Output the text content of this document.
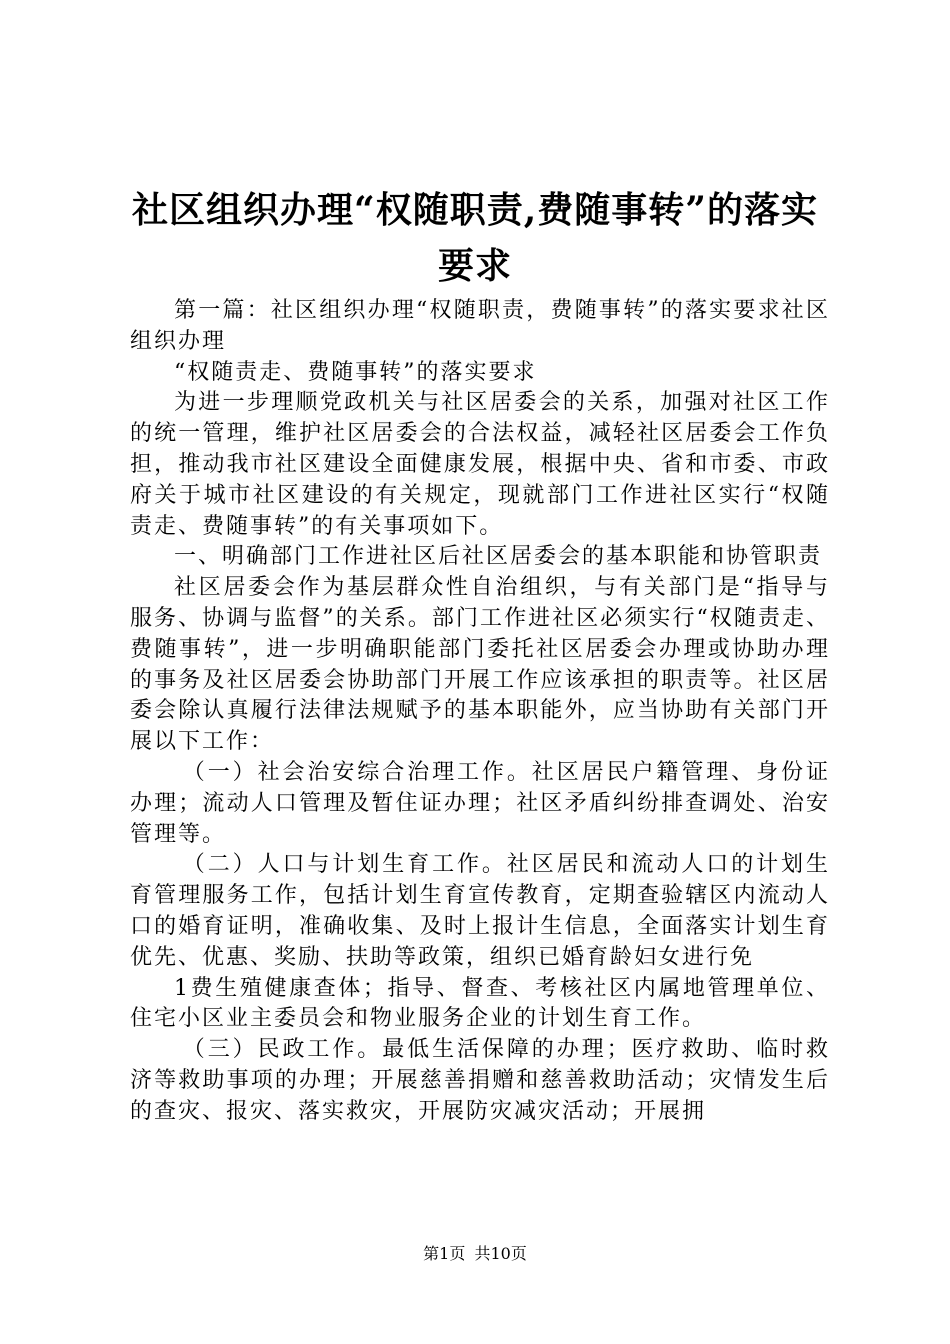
社区组织办理“权随职责,费随事转”的落实
要求

第一篇：社区组织办理“权随职责，费随事转”的落实要求社区组织办理

“权随责走、费随事转”的落实要求

为进一步理顺党政机关与社区居委会的关系，加强对社区工作的统一管理，维护社区居委会的合法权益，减轻社区居委会工作负担，推动我市社区建设全面健康发展，根据中央、省和市委、市政府关于城市社区建设的有关规定，现就部门工作进社区实行“权随责走、费随事转”的有关事项如下。

一、明确部门工作进社区后社区居委会的基本职能和协管职责

社区居委会作为基层群众性自治组织，与有关部门是“指导与服务、协调与监督”的关系。部门工作进社区必须实行“权随责走、费随事转”，进一步明确职能部门委托社区居委会办理或协助办理的事务及社区居委会协助部门开展工作应该承担的职责等。社区居委会除认真履行法律法规赋予的基本职能外，应当协助有关部门开展以下工作：

（一）社会治安综合治理工作。社区居民户籍管理、身份证办理；流动人口管理及暂住证办理；社区矛盾纠纷排查调处、治安管理等。

（二）人口与计划生育工作。社区居民和流动人口的计划生育管理服务工作，包括计划生育宣传教育，定期查验辖区内流动人口的婚育证明，准确收集、及时上报计生信息，全面落实计划生育优先、优惠、奖励、扶助等政策，组织已婚育龄妇女进行免

1费生殖健康查体；指导、督查、考核社区内属地管理单位、住宅小区业主委员会和物业服务企业的计划生育工作。

（三）民政工作。最低生活保障的办理；医疗救助、临时救济等救助事项的办理；开展慈善捐赠和慈善救助活动；灾情发生后的查灾、报灾、落实救灾，开展防灾减灾活动；开展拥

第1页 共10页
